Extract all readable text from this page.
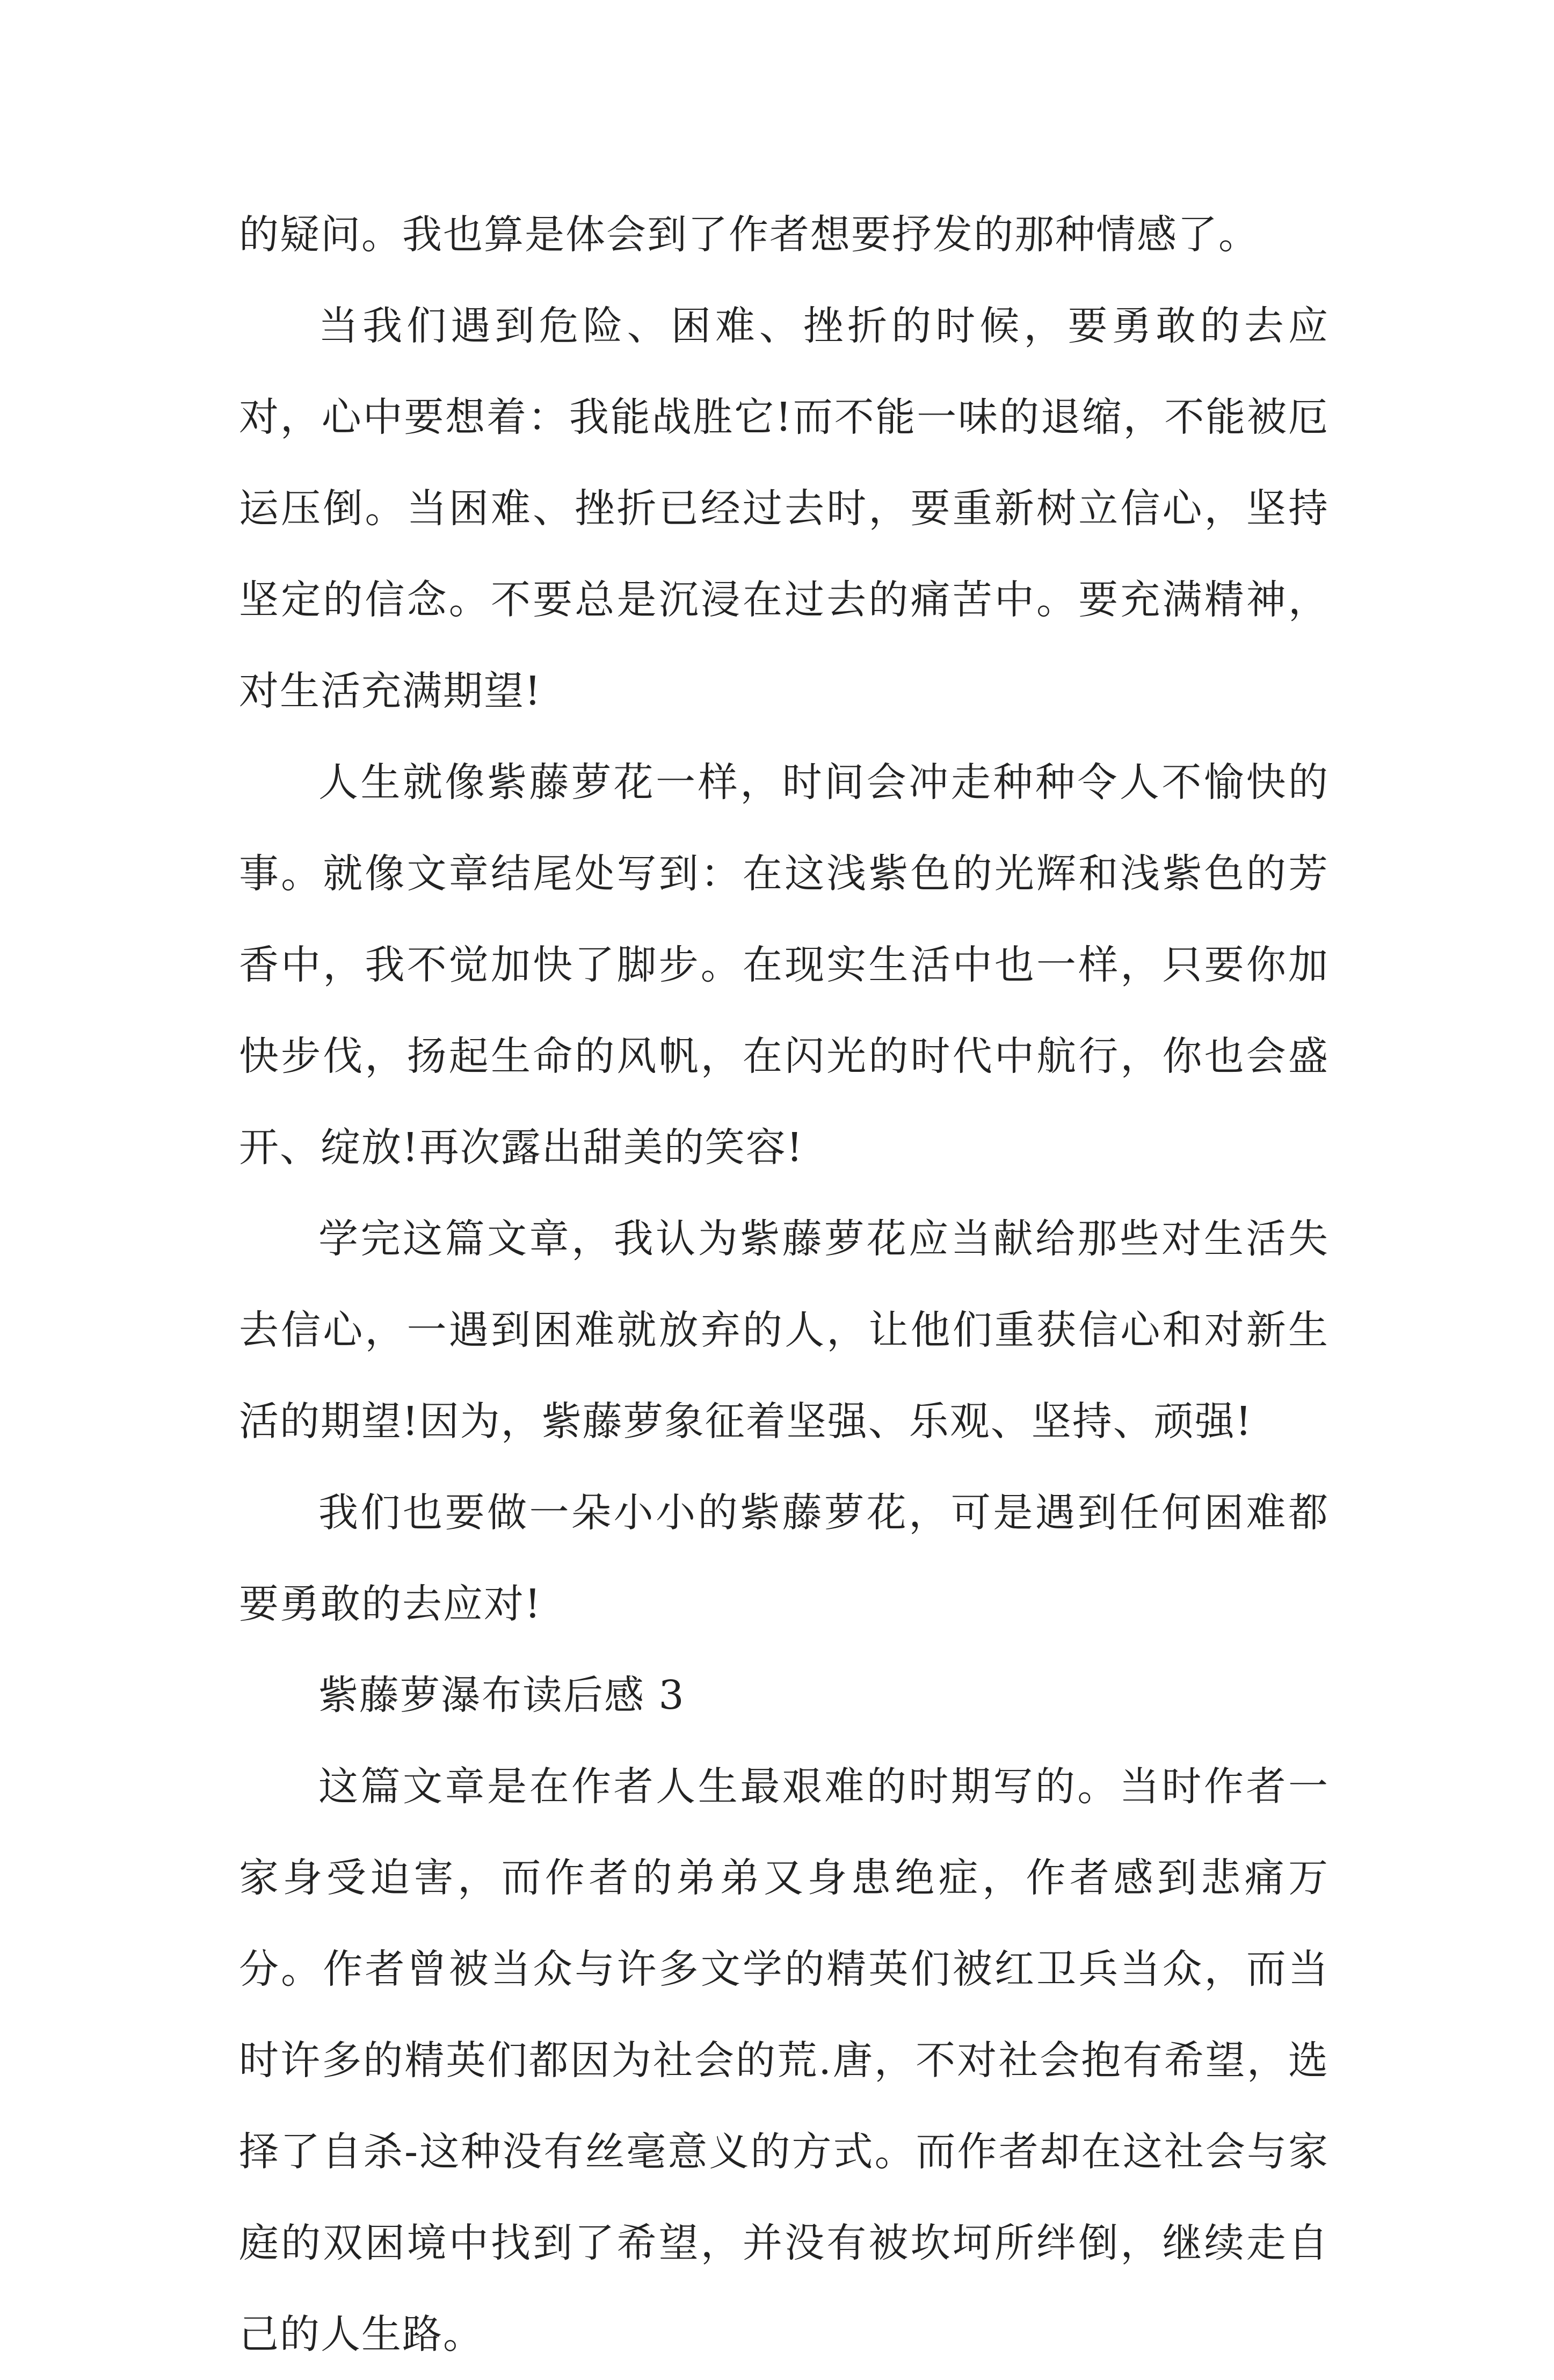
的疑问。我也算是体会到了作者想要抒发的那种情感了。

当我们遇到危险、困难、挫折的时候，要勇敢的去应对，心中要想着：我能战胜它!而不能一味的退缩，不能被厄运压倒。当困难、挫折已经过去时，要重新树立信心，坚持坚定的信念。不要总是沉浸在过去的痛苦中。要充满精神，对生活充满期望!

人生就像紫藤萝花一样，时间会冲走种种令人不愉快的事。就像文章结尾处写到：在这浅紫色的光辉和浅紫色的芳香中，我不觉加快了脚步。在现实生活中也一样，只要你加快步伐，扬起生命的风帆，在闪光的时代中航行，你也会盛开、绽放!再次露出甜美的笑容!

学完这篇文章，我认为紫藤萝花应当献给那些对生活失去信心，一遇到困难就放弃的人，让他们重获信心和对新生活的期望!因为，紫藤萝象征着坚强、乐观、坚持、顽强!

我们也要做一朵小小的紫藤萝花，可是遇到任何困难都要勇敢的去应对!

紫藤萝瀑布读后感 3

这篇文章是在作者人生最艰难的时期写的。当时作者一家身受迫害，而作者的弟弟又身患绝症，作者感到悲痛万分。作者曾被当众与许多文学的精英们被红卫兵当众，而当时许多的精英们都因为社会的荒.唐，不对社会抱有希望，选择了自杀-这种没有丝毫意义的方式。而作者却在这社会与家庭的双困境中找到了希望，并没有被坎坷所绊倒，继续走自己的人生路。
